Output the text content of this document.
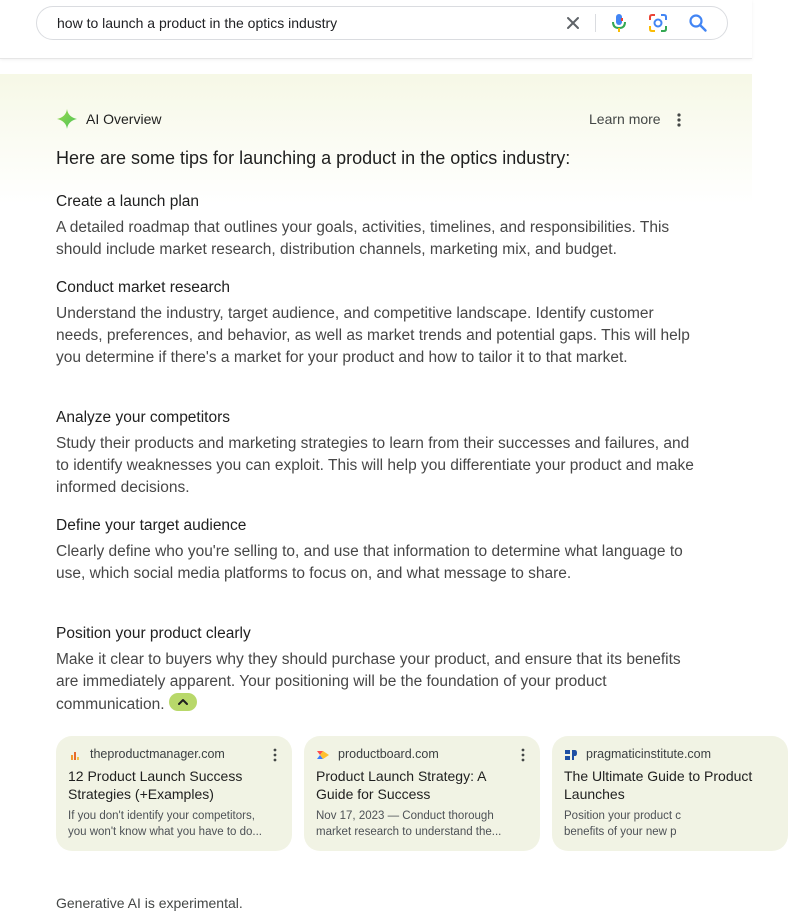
how to launch a product in the optics industry
AI Overview	Learn more
Here are some tips for launching a product in the optics industry:

Create a launch plan

A detailed roadmap that outlines your goals, activities, timelines, and responsibilities. This should include market research, distribution channels, marketing mix, and budget.

Conduct market research

Understand the industry, target audience, and competitive landscape. Identify customer needs, preferences, and behavior, as well as market trends and potential gaps. This will help you determine if there's a market for your product and how to tailor it to that market.

Analyze your competitors

Study their products and marketing strategies to learn from their successes and failures, and to identify weaknesses you can exploit. This will help you differentiate your product and make informed decisions.

Define your target audience

Clearly define who you're selling to, and use that information to determine what language to use, which social media platforms to focus on, and what message to share.

Position your product clearly

Make it clear to buyers why they should purchase your product, and ensure that its benefits are immediately apparent. Your positioning will be the foundation of your product communication.

theproductmanager.com
12 Product Launch Success Strategies (+Examples)
If you don't identify your competitors,
you won't know what you have to do...
productboard.com
Product Launch Strategy: A Guide for Success
Nov 17, 2023 — Conduct thorough
market research to understand the...
pragmaticinstitute.com
The Ultimate Guide to Product Launches
Position your product c
benefits of your new p
Generative AI is experimental.
